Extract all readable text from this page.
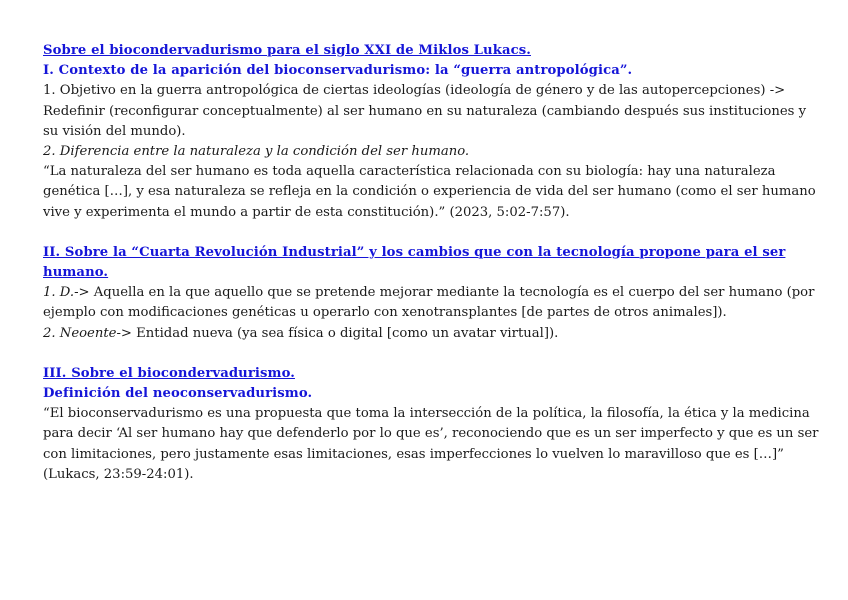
Sobre el biocondervadurismo para el siglo XXI de Miklos Lukacs.

I. Contexto de la aparición del bioconservadurismo: la “guerra antropológica”.

1. Objetivo en la guerra antropológica de ciertas ideologías (ideología de género y de las autopercepciones) -> Redefinir (reconfigurar conceptualmente) al ser humano en su naturaleza (cambiando después sus instituciones y su visión del mundo).

2. Diferencia entre la naturaleza y la condición del ser humano.

“La naturaleza del ser humano es toda aquella característica relacionada con su biología: hay una naturaleza genética […], y esa naturaleza se refleja en la condición o experiencia de vida del ser humano (como el ser humano vive y experimenta el mundo a partir de esta constitución).” (2023, 5:02-7:57).

II. Sobre la “Cuarta Revolución Industrial” y los cambios que con la tecnología propone para el ser humano.

1. D.-> Aquella en la que aquello que se pretende mejorar mediante la tecnología es el cuerpo del ser humano (por ejemplo con modificaciones genéticas u operarlo con xenotransplantes [de partes de otros animales]).

2. Neoente-> Entidad nueva (ya sea física o digital [como un avatar virtual]).

III. Sobre el biocondervadurismo.

Definición del neoconservadurismo.

“El bioconservadurismo es una propuesta que toma la intersección de la política, la filosofía, la ética y la medicina para decir ‘Al ser humano hay que defenderlo por lo que es’, reconociendo que es un ser imperfecto y que es un ser con limitaciones, pero justamente esas limitaciones, esas imperfecciones lo vuelven lo maravilloso que es […]” (Lukacs, 23:59-24:01).
